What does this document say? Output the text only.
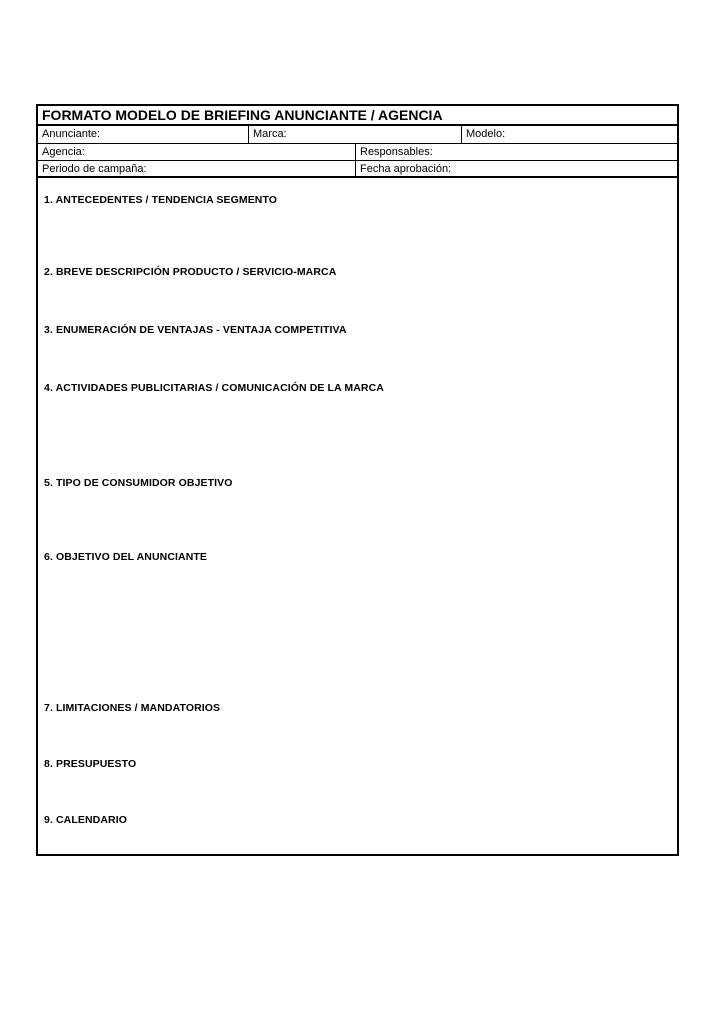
FORMATO MODELO DE BRIEFING ANUNCIANTE / AGENCIA
Anunciante:	Marca:	Modelo:
Agencia:	Responsables:
Periodo de campaña:	Fecha aprobación:
1. ANTECEDENTES / TENDENCIA SEGMENTO
2. BREVE DESCRIPCIÓN PRODUCTO / SERVICIO-MARCA
3. ENUMERACIÓN DE VENTAJAS - VENTAJA COMPETITIVA
4. ACTIVIDADES PUBLICITARIAS / COMUNICACIÓN DE LA MARCA
5. TIPO DE CONSUMIDOR OBJETIVO
6. OBJETIVO DEL ANUNCIANTE
7. LIMITACIONES / MANDATORIOS
8. PRESUPUESTO
9. CALENDARIO
